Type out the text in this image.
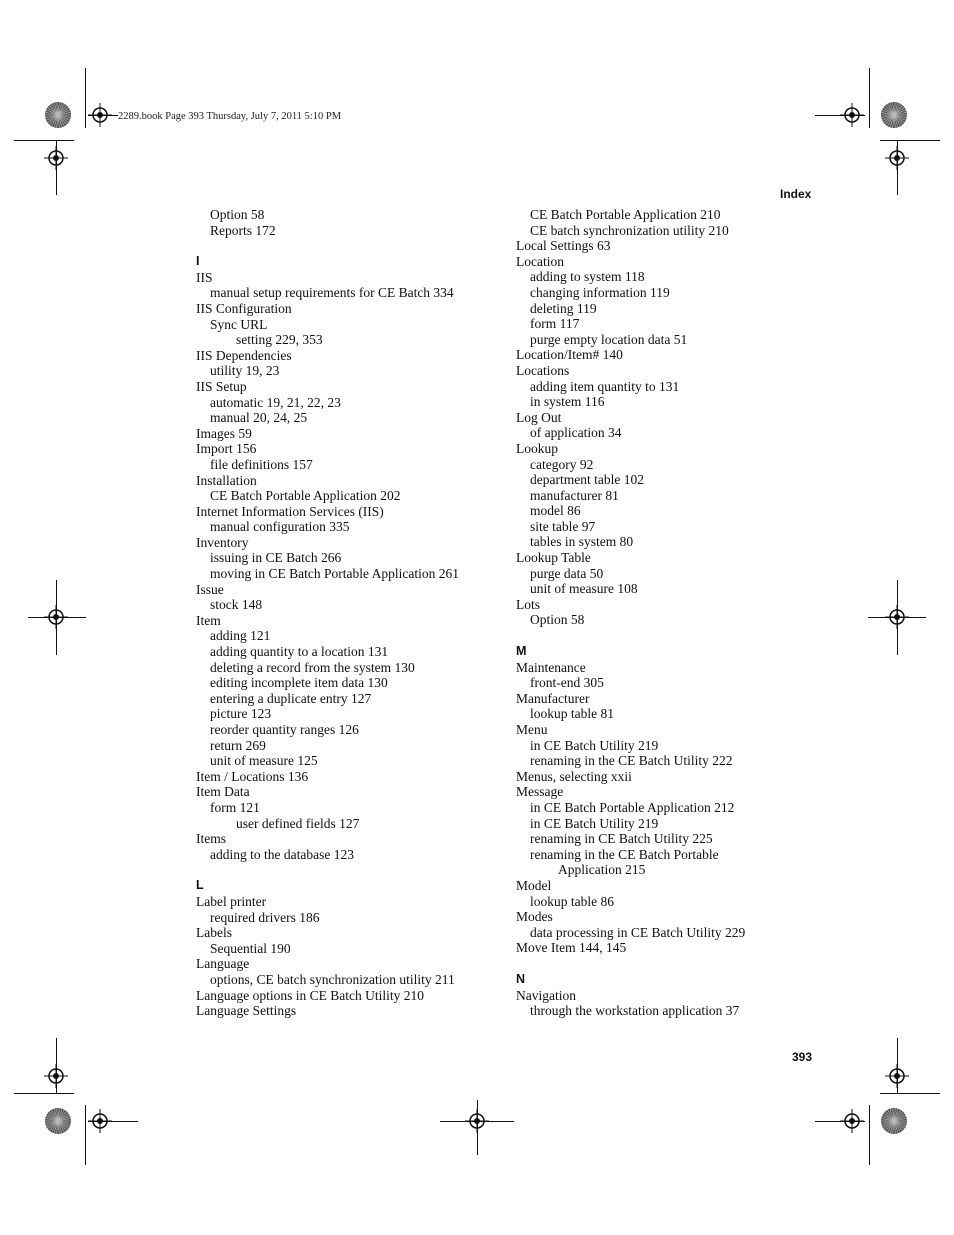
2289.book Page 393 Thursday, July 7, 2011 5:10 PM
Index
393
Option 58
Reports 172
I
IIS
manual setup requirements for CE Batch 334
IIS Configuration
Sync URL
setting 229, 353
IIS Dependencies
utility 19, 23
IIS Setup
automatic 19, 21, 22, 23
manual 20, 24, 25
Images 59
Import 156
file definitions 157
Installation
CE Batch Portable Application 202
Internet Information Services (IIS)
manual configuration 335
Inventory
issuing in CE Batch 266
moving in CE Batch Portable Application 261
Issue
stock 148
Item
adding 121
adding quantity to a location 131
deleting a record from the system 130
editing incomplete item data 130
entering a duplicate entry 127
picture 123
reorder quantity ranges 126
return 269
unit of measure 125
Item / Locations 136
Item Data
form 121
user defined fields 127
Items
adding to the database 123
L
Label printer
required drivers 186
Labels
Sequential 190
Language
options, CE batch synchronization utility 211
Language options in CE Batch Utility 210
Language Settings
CE Batch Portable Application 210
CE batch synchronization utility 210
Local Settings 63
Location
adding to system 118
changing information 119
deleting 119
form 117
purge empty location data 51
Location/Item# 140
Locations
adding item quantity to 131
in system 116
Log Out
of application 34
Lookup
category 92
department table 102
manufacturer 81
model 86
site table 97
tables in system 80
Lookup Table
purge data 50
unit of measure 108
Lots
Option 58
M
Maintenance
front-end 305
Manufacturer
lookup table 81
Menu
in CE Batch Utility 219
renaming in the CE Batch Utility 222
Menus, selecting xxii
Message
in CE Batch Portable Application 212
in CE Batch Utility 219
renaming in CE Batch Utility 225
renaming in the CE Batch Portable
Application 215
Model
lookup table 86
Modes
data processing in CE Batch Utility 229
Move Item 144, 145
N
Navigation
through the workstation application 37
